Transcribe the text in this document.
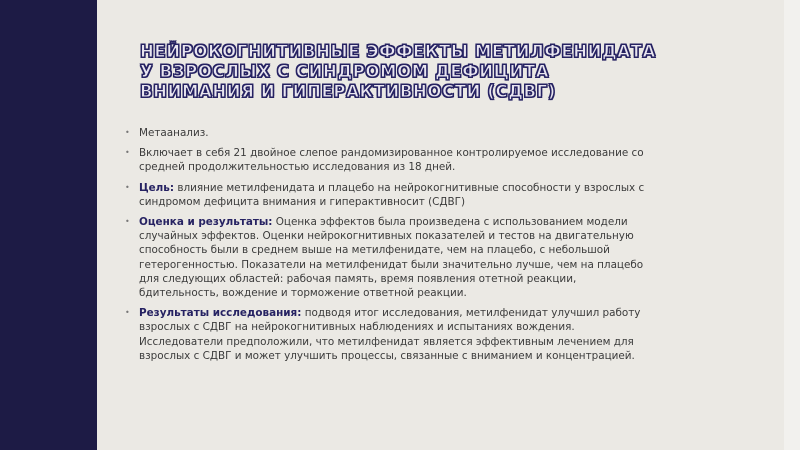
НЕЙРОКОГНИТИВНЫЕ ЭФФЕКТЫ МЕТИЛФЕНИДАТА У ВЗРОСЛЫХ С СИНДРОМОМ ДЕФИЦИТА ВНИМАНИЯ И ГИПЕРАКТИВНОСТИ (СДВГ)
• Метаанализ.
• Включает в себя 21 двойное слепое рандомизированное контролируемое исследование со средней продолжительностью исследования из 18 дней.
• Цель: влияние метилфенидата и плацебо на нейрокогнитивные способности у взрослых с синдромом дефицита внимания и гиперактивносит (СДВГ)
• Оценка и результаты: Оценка эффектов была произведена с использованием модели случайных эффектов. Оценки нейрокогнитивных показателей и тестов на двигательную способность были в среднем выше на метилфенидате, чем на плацебо, с небольшой гетерогенностью. Показатели на метилфенидат были значительно лучше, чем на плацебо для следующих областей: рабочая память, время появления отетной реакции, бдительность, вождение и торможение ответной реакции.
• Результаты исследования: подводя итог исследования, метилфенидат улучшил работу взрослых с СДВГ на нейрокогнитивных наблюдениях и испытаниях вождения. Исследователи предположили, что метилфенидат является эффективным лечением для взрослых с СДВГ и может улучшить процессы, связанные с вниманием и концентрацией.
